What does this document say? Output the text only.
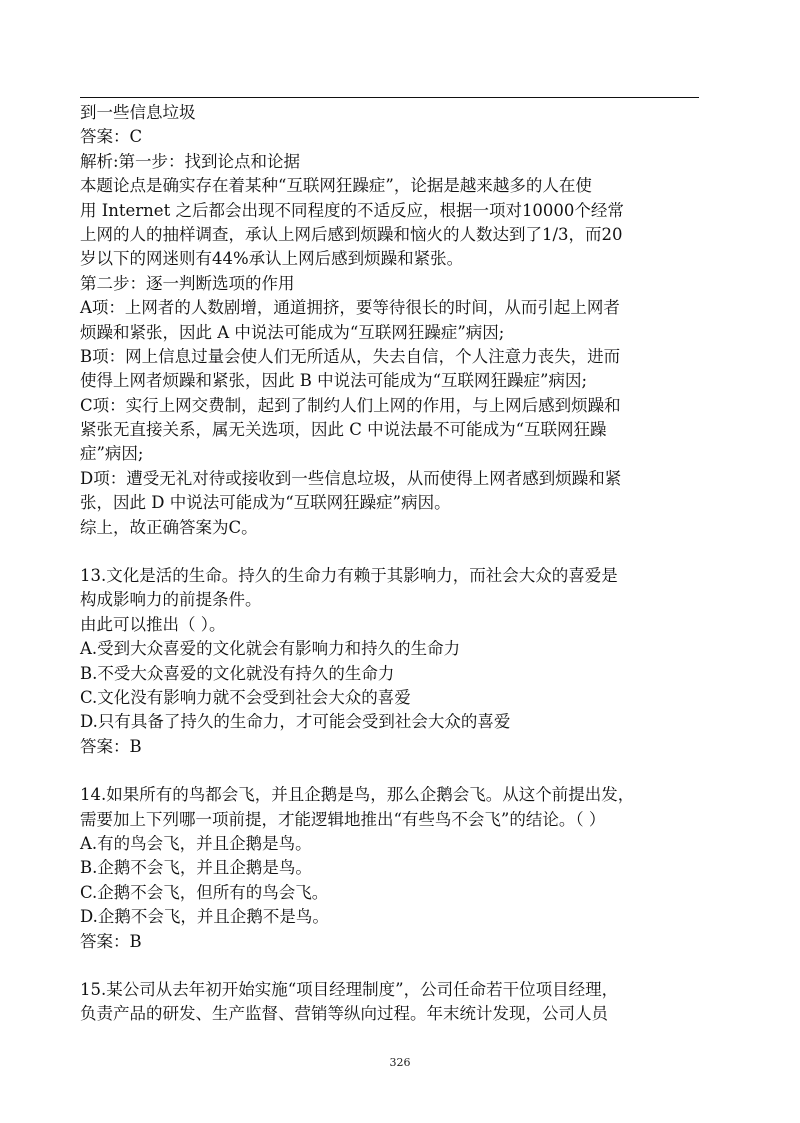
到一些信息垃圾
答案：C
解析:第一步：找到论点和论据
本题论点是确实存在着某种“互联网狂躁症”，论据是越来越多的人在使
用 Internet 之后都会出现不同程度的不适反应，根据一项对10000个经常
上网的人的抽样调查，承认上网后感到烦躁和恼火的人数达到了1/3，而20
岁以下的网迷则有44%承认上网后感到烦躁和紧张。
第二步：逐一判断选项的作用
A项：上网者的人数剧增，通道拥挤，要等待很长的时间，从而引起上网者
烦躁和紧张，因此 A 中说法可能成为“互联网狂躁症”病因;
B项：网上信息过量会使人们无所适从，失去自信，个人注意力丧失，进而
使得上网者烦躁和紧张，因此 B 中说法可能成为“互联网狂躁症”病因;
C项：实行上网交费制，起到了制约人们上网的作用，与上网后感到烦躁和
紧张无直接关系，属无关选项，因此 C 中说法最不可能成为“互联网狂躁
症”病因;
D项：遭受无礼对待或接收到一些信息垃圾，从而使得上网者感到烦躁和紧
张，因此 D 中说法可能成为“互联网狂躁症”病因。
综上，故正确答案为C。
13.文化是活的生命。持久的生命力有赖于其影响力，而社会大众的喜爱是
构成影响力的前提条件。
由此可以推出（ ）。
A.受到大众喜爱的文化就会有影响力和持久的生命力
B.不受大众喜爱的文化就没有持久的生命力
C.文化没有影响力就不会受到社会大众的喜爱
D.只有具备了持久的生命力，才可能会受到社会大众的喜爱
答案：B
14.如果所有的鸟都会飞，并且企鹅是鸟，那么企鹅会飞。从这个前提出发，
需要加上下列哪一项前提，才能逻辑地推出“有些鸟不会飞”的结论。（ ）
A.有的鸟会飞，并且企鹅是鸟。
B.企鹅不会飞，并且企鹅是鸟。
C.企鹅不会飞，但所有的鸟会飞。
D.企鹅不会飞，并且企鹅不是鸟。
答案：B
15.某公司从去年初开始实施“项目经理制度”，公司任命若干位项目经理，
负责产品的研发、生产监督、营销等纵向过程。年末统计发现，公司人员
326
